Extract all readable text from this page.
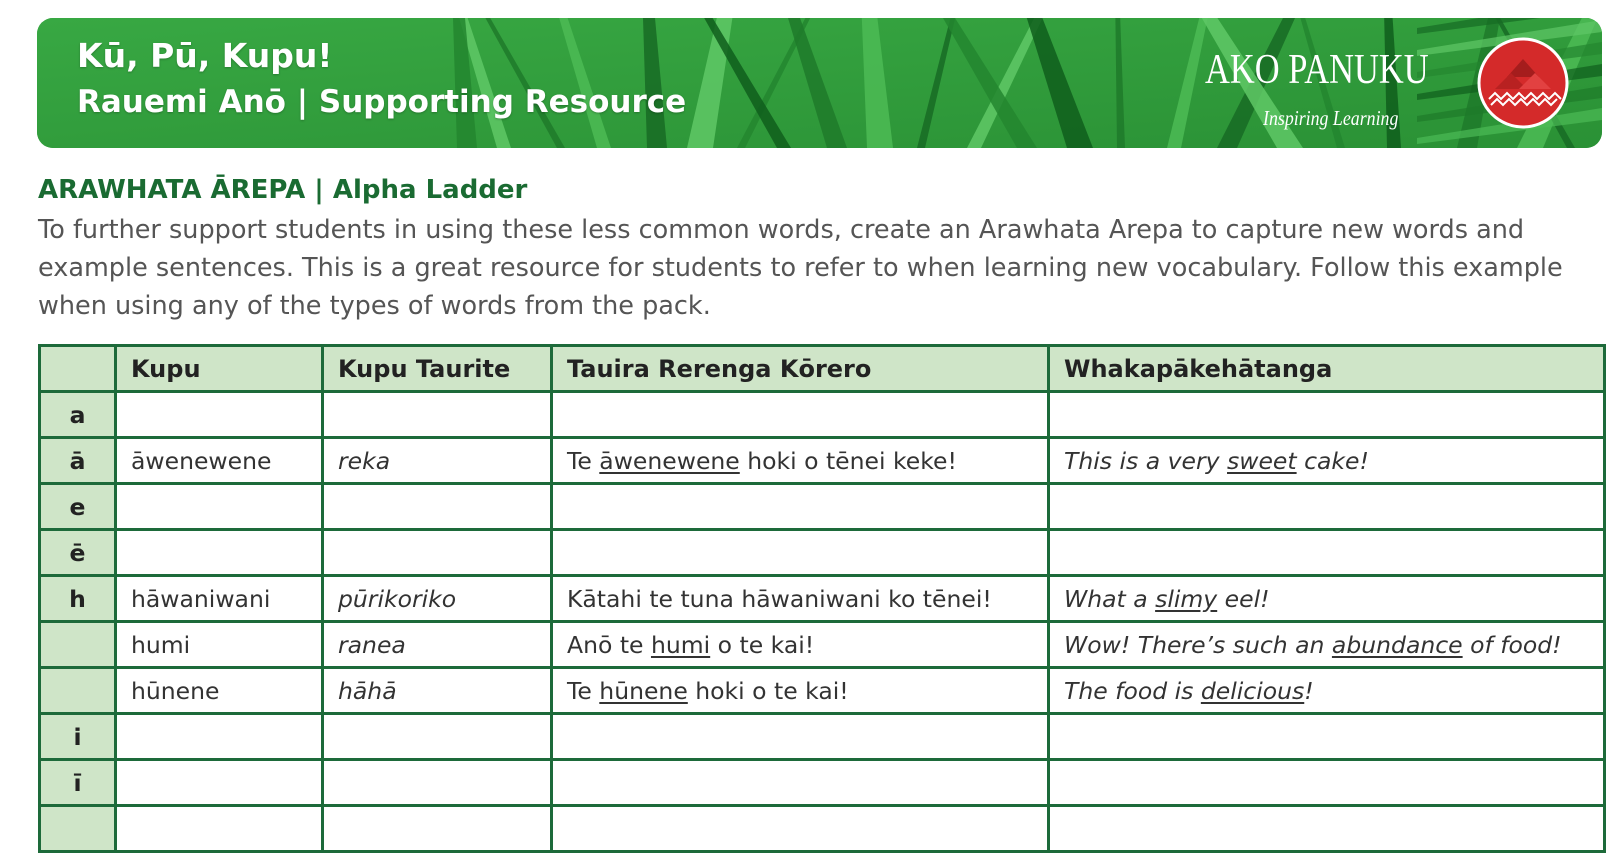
Kū, Pū, Kupu!
Rauemi Anō | Supporting Resource
AKO PANUKU
Inspiring Learning
ARAWHATA ĀREPA | Alpha Ladder
To further support students in using these less common words, create an Arawhata Arepa to capture new words and example sentences. This is a great resource for students to refer to when learning new vocabulary. Follow this example when using any of the types of words from the pack.
	Kupu	Kupu Taurite	Tauira Rerenga Kōrero	Whakapākehātanga
a				
ā	āwenewene	reka	Te āwenewene hoki o tēnei keke!	This is a very sweet cake!
e				
ē				
h	hāwaniwani	pūrikoriko	Kātahi te tuna hāwaniwani ko tēnei!	What a slimy eel!
	humi	ranea	Anō te humi o te kai!	Wow! There’s such an abundance of food!
	hūnene	hāhā	Te hūnene hoki o te kai!	The food is delicious!
i				
ī				
